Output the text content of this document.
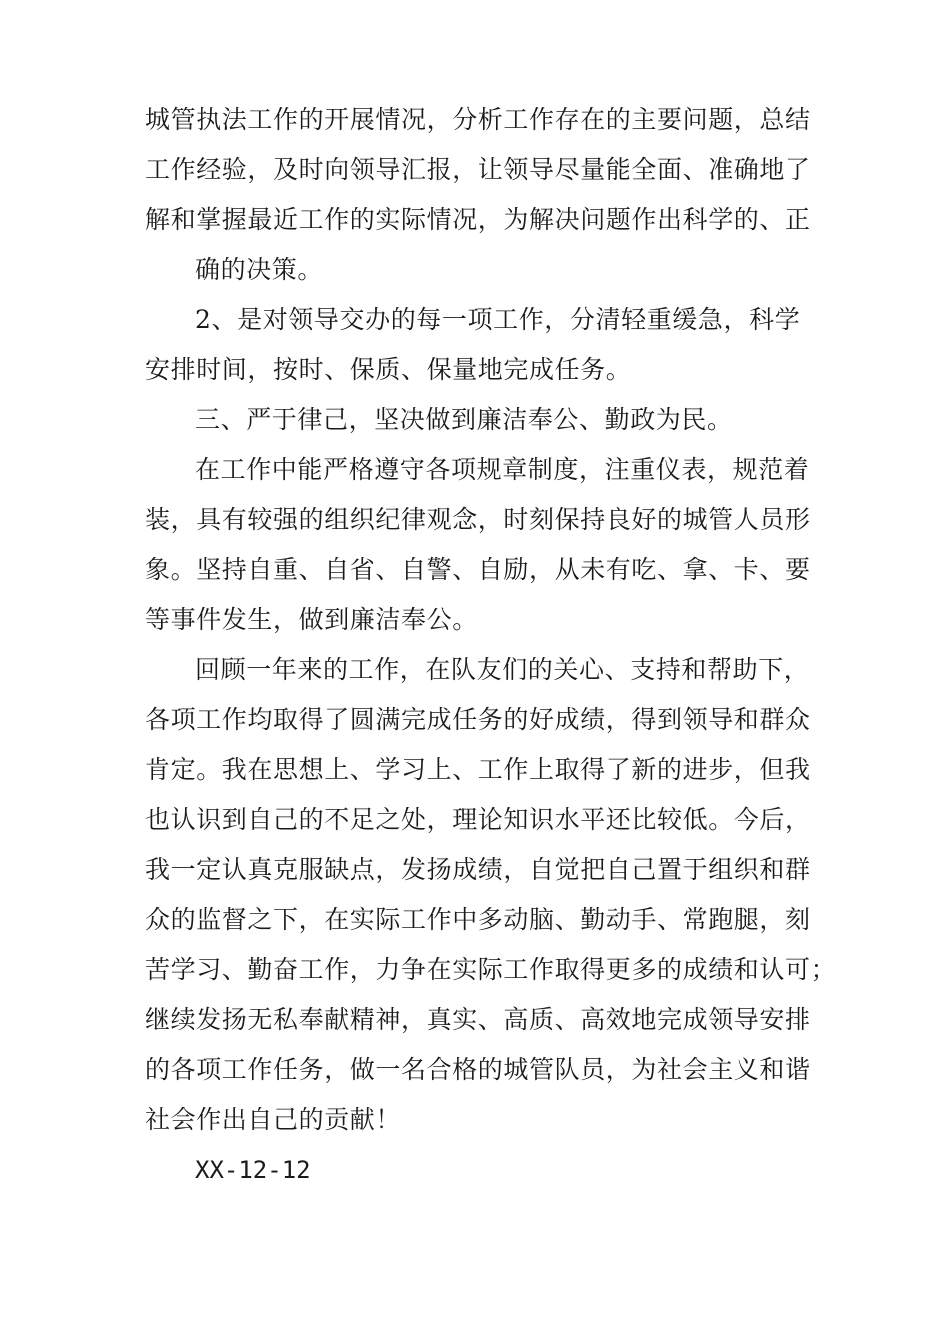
城管执法工作的开展情况，分析工作存在的主要问题，总结

工作经验，及时向领导汇报，让领导尽量能全面、准确地了

解和掌握最近工作的实际情况，为解决问题作出科学的、正

确的决策。

2、是对领导交办的每一项工作，分清轻重缓急，科学

安排时间，按时、保质、保量地完成任务。

三、严于律己，坚决做到廉洁奉公、勤政为民。

在工作中能严格遵守各项规章制度，注重仪表，规范着

装，具有较强的组织纪律观念，时刻保持良好的城管人员形

象。坚持自重、自省、自警、自励，从未有吃、拿、卡、要

等事件发生，做到廉洁奉公。

回顾一年来的工作，在队友们的关心、支持和帮助下，

各项工作均取得了圆满完成任务的好成绩，得到领导和群众

肯定。我在思想上、学习上、工作上取得了新的进步，但我

也认识到自己的不足之处，理论知识水平还比较低。今后，

我一定认真克服缺点，发扬成绩，自觉把自己置于组织和群

众的监督之下，在实际工作中多动脑、勤动手、常跑腿，刻

苦学习、勤奋工作，力争在实际工作取得更多的成绩和认可；

继续发扬无私奉献精神，真实、高质、高效地完成领导安排

的各项工作任务，做一名合格的城管队员，为社会主义和谐

社会作出自己的贡献！

XX-12-12
